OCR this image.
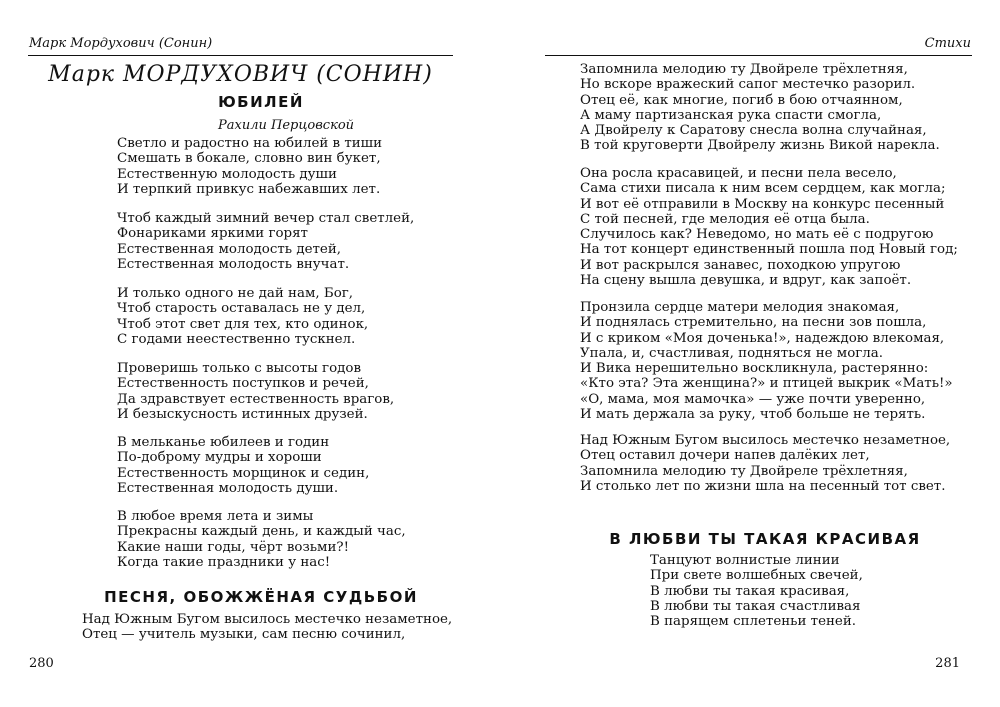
Марк Мордухович (Сонин)
Марк МОРДУХОВИЧ (СОНИН)
ЮБИЛЕЙ
Рахили Перцовской
Светло и радостно на юбилей в тиши
Смешать в бокале, словно вин букет,
Естественную молодость души
И терпкий привкус набежавших лет.
Чтоб каждый зимний вечер стал светлей,
Фонариками яркими горят
Естественная молодость детей,
Естественная молодость внучат.
И только одного не дай нам, Бог,
Чтоб старость оставалась не у дел,
Чтоб этот свет для тех, кто одинок,
С годами неестественно тускнел.
Проверишь только с высоты годов
Естественность поступков и речей,
Да здравствует естественность врагов,
И безыскусность истинных друзей.
В мельканье юбилеев и годин
По-доброму мудры и хороши
Естественность морщинок и седин,
Естественная молодость души.
В любое время лета и зимы
Прекрасны каждый день, и каждый час,
Какие наши годы, чёрт возьми?!
Когда такие праздники у нас!
ПЕСНЯ, ОБОЖЖЁНАЯ СУДЬБОЙ
Над Южным Бугом высилось местечко незаметное,
Отец — учитель музыки, сам песню сочинил,
280
Стихи
Запомнила мелодию ту Двойреле трёхлетняя,
Но вскоре вражеский сапог местечко разорил.
Отец её, как многие, погиб в бою отчаянном,
А маму партизанская рука спасти смогла,
А Двойрелу к Саратову снесла волна случайная,
В той круговерти Двойрелу жизнь Викой нарекла.
Она росла красавицей, и песни пела весело,
Сама стихи писала к ним всем сердцем, как могла;
И вот её отправили в Москву на конкурс песенный
С той песней, где мелодия её отца была.
Случилось как? Неведомо, но мать её с подругою
На тот концерт единственный пошла под Новый год;
И вот раскрылся занавес, походкою упругою
На сцену вышла девушка, и вдруг, как запоёт.
Пронзила сердце матери мелодия знакомая,
И поднялась стремительно, на песни зов пошла,
И с криком «Моя доченька!», надеждою влекомая,
Упала, и, счастливая, подняться не могла.
И Вика нерешительно воскликнула, растерянно:
«Кто эта? Эта женщина?» и птицей выкрик «Мать!»
«О, мама, моя мамочка» — уже почти уверенно,
И мать держала за руку, чтоб больше не терять.
Над Южным Бугом высилось местечко незаметное,
Отец оставил дочери напев далёких лет,
Запомнила мелодию ту Двойреле трёхлетняя,
И столько лет по жизни шла на песенный тот свет.
В ЛЮБВИ ТЫ ТАКАЯ КРАСИВАЯ
Танцуют волнистые линии
При свете волшебных свечей,
В любви ты такая красивая,
В любви ты такая счастливая
В парящем сплетеньи теней.
281
